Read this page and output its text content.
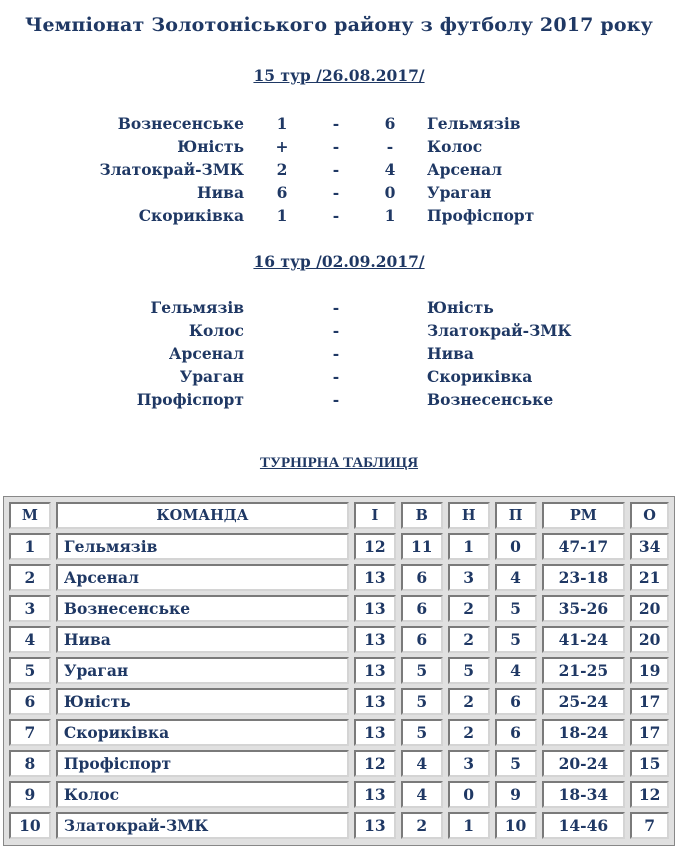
Чемпіонат Золотоніського району з футболу 2017 року
15 тур /26.08.2017/
Вознесенське	1	-	6	Гельмязів
Юність	+	-	-	Колос
Златокрай-ЗМК	2	-	4	Арсенал
Нива	6	-	0	Ураган
Скориківка	1	-	1	Профіспорт
16 тур /02.09.2017/
Гельмязів	-	Юність
Колос	-	Златокрай-ЗМК
Арсенал	-	Нива
Ураган	-	Скориківка
Профіспорт	-	Вознесенське
ТУРНІРНА ТАБЛИЦЯ
М	КОМАНДА	І	В	Н	П	РМ	О
1	Гельмязів	12	11	1	0	47-17	34
2	Арсенал	13	6	3	4	23-18	21
3	Вознесенське	13	6	2	5	35-26	20
4	Нива	13	6	2	5	41-24	20
5	Ураган	13	5	5	4	21-25	19
6	Юність	13	5	2	6	25-24	17
7	Скориківка	13	5	2	6	18-24	17
8	Профіспорт	12	4	3	5	20-24	15
9	Колос	13	4	0	9	18-34	12
10	Златокрай-ЗМК	13	2	1	10	14-46	7
